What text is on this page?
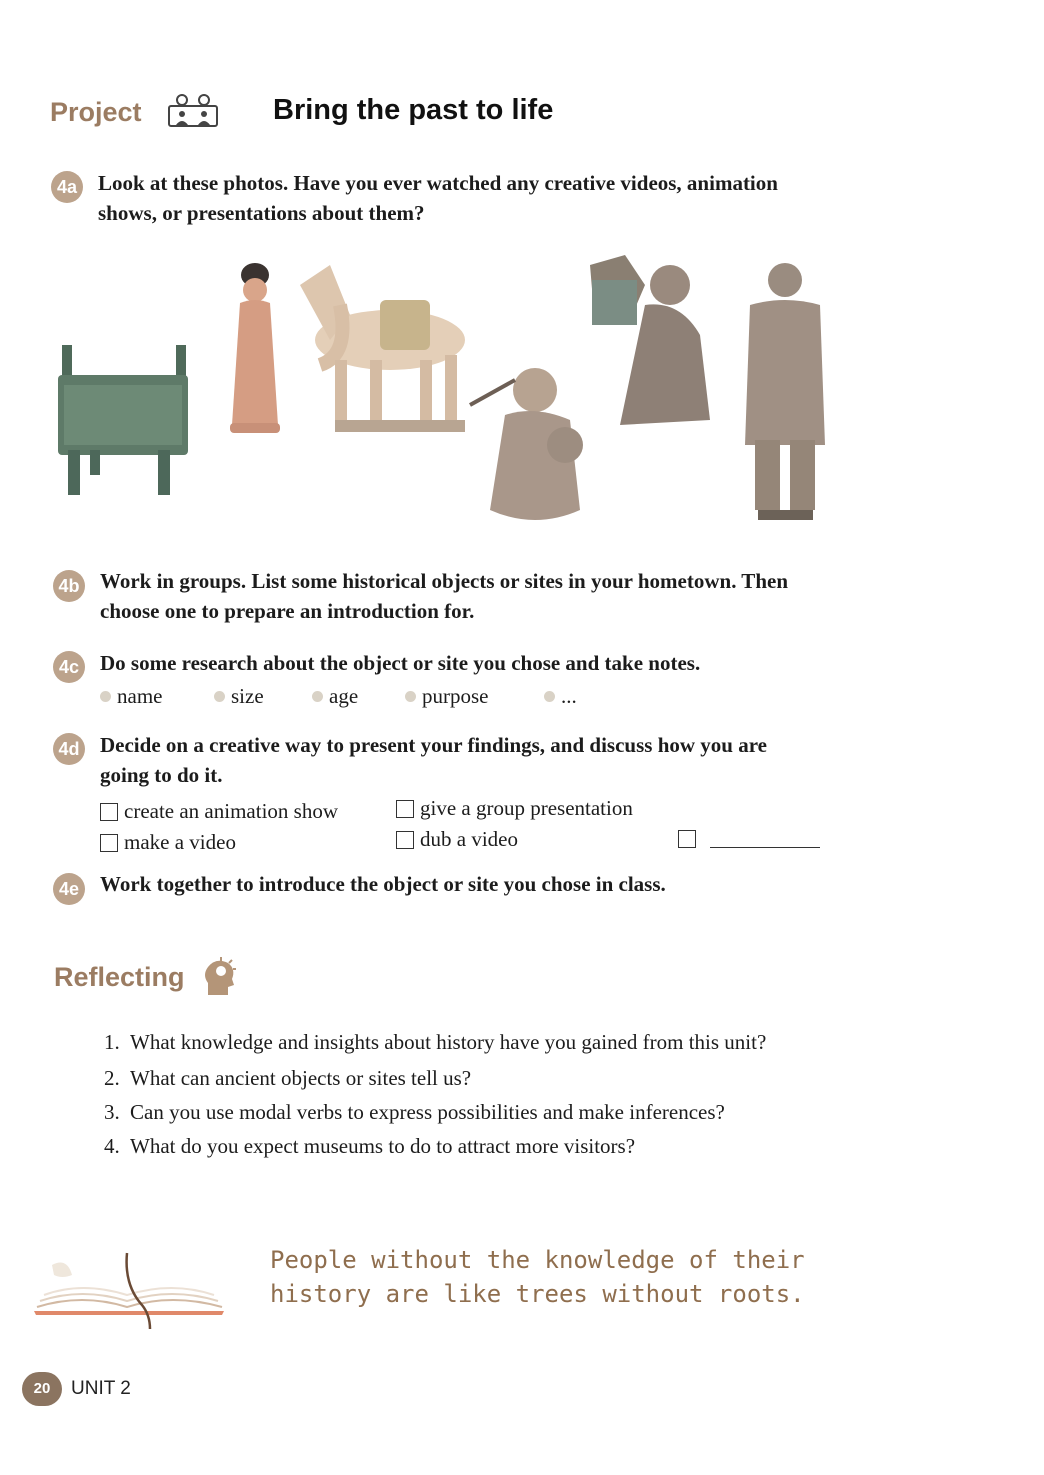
Project	Bring the past to life
4a Look at these photos. Have you ever watched any creative videos, animation shows, or presentations about them?
4b Work in groups. List some historical objects or sites in your hometown. Then choose one to prepare an introduction for.
4c Do some research about the object or site you chose and take notes.
name	size	age	purpose	...
4d Decide on a creative way to present your findings, and discuss how you are going to do it.
create an animation show	give a group presentation
make a video	dub a video
4e Work together to introduce the object or site you chose in class.
Reflecting
1. What knowledge and insights about history have you gained from this unit?
2. What can ancient objects or sites tell us?
3. Can you use modal verbs to express possibilities and make inferences?
4. What do you expect museums to do to attract more visitors?
People without the knowledge of their history are like trees without roots.
20	UNIT 2
